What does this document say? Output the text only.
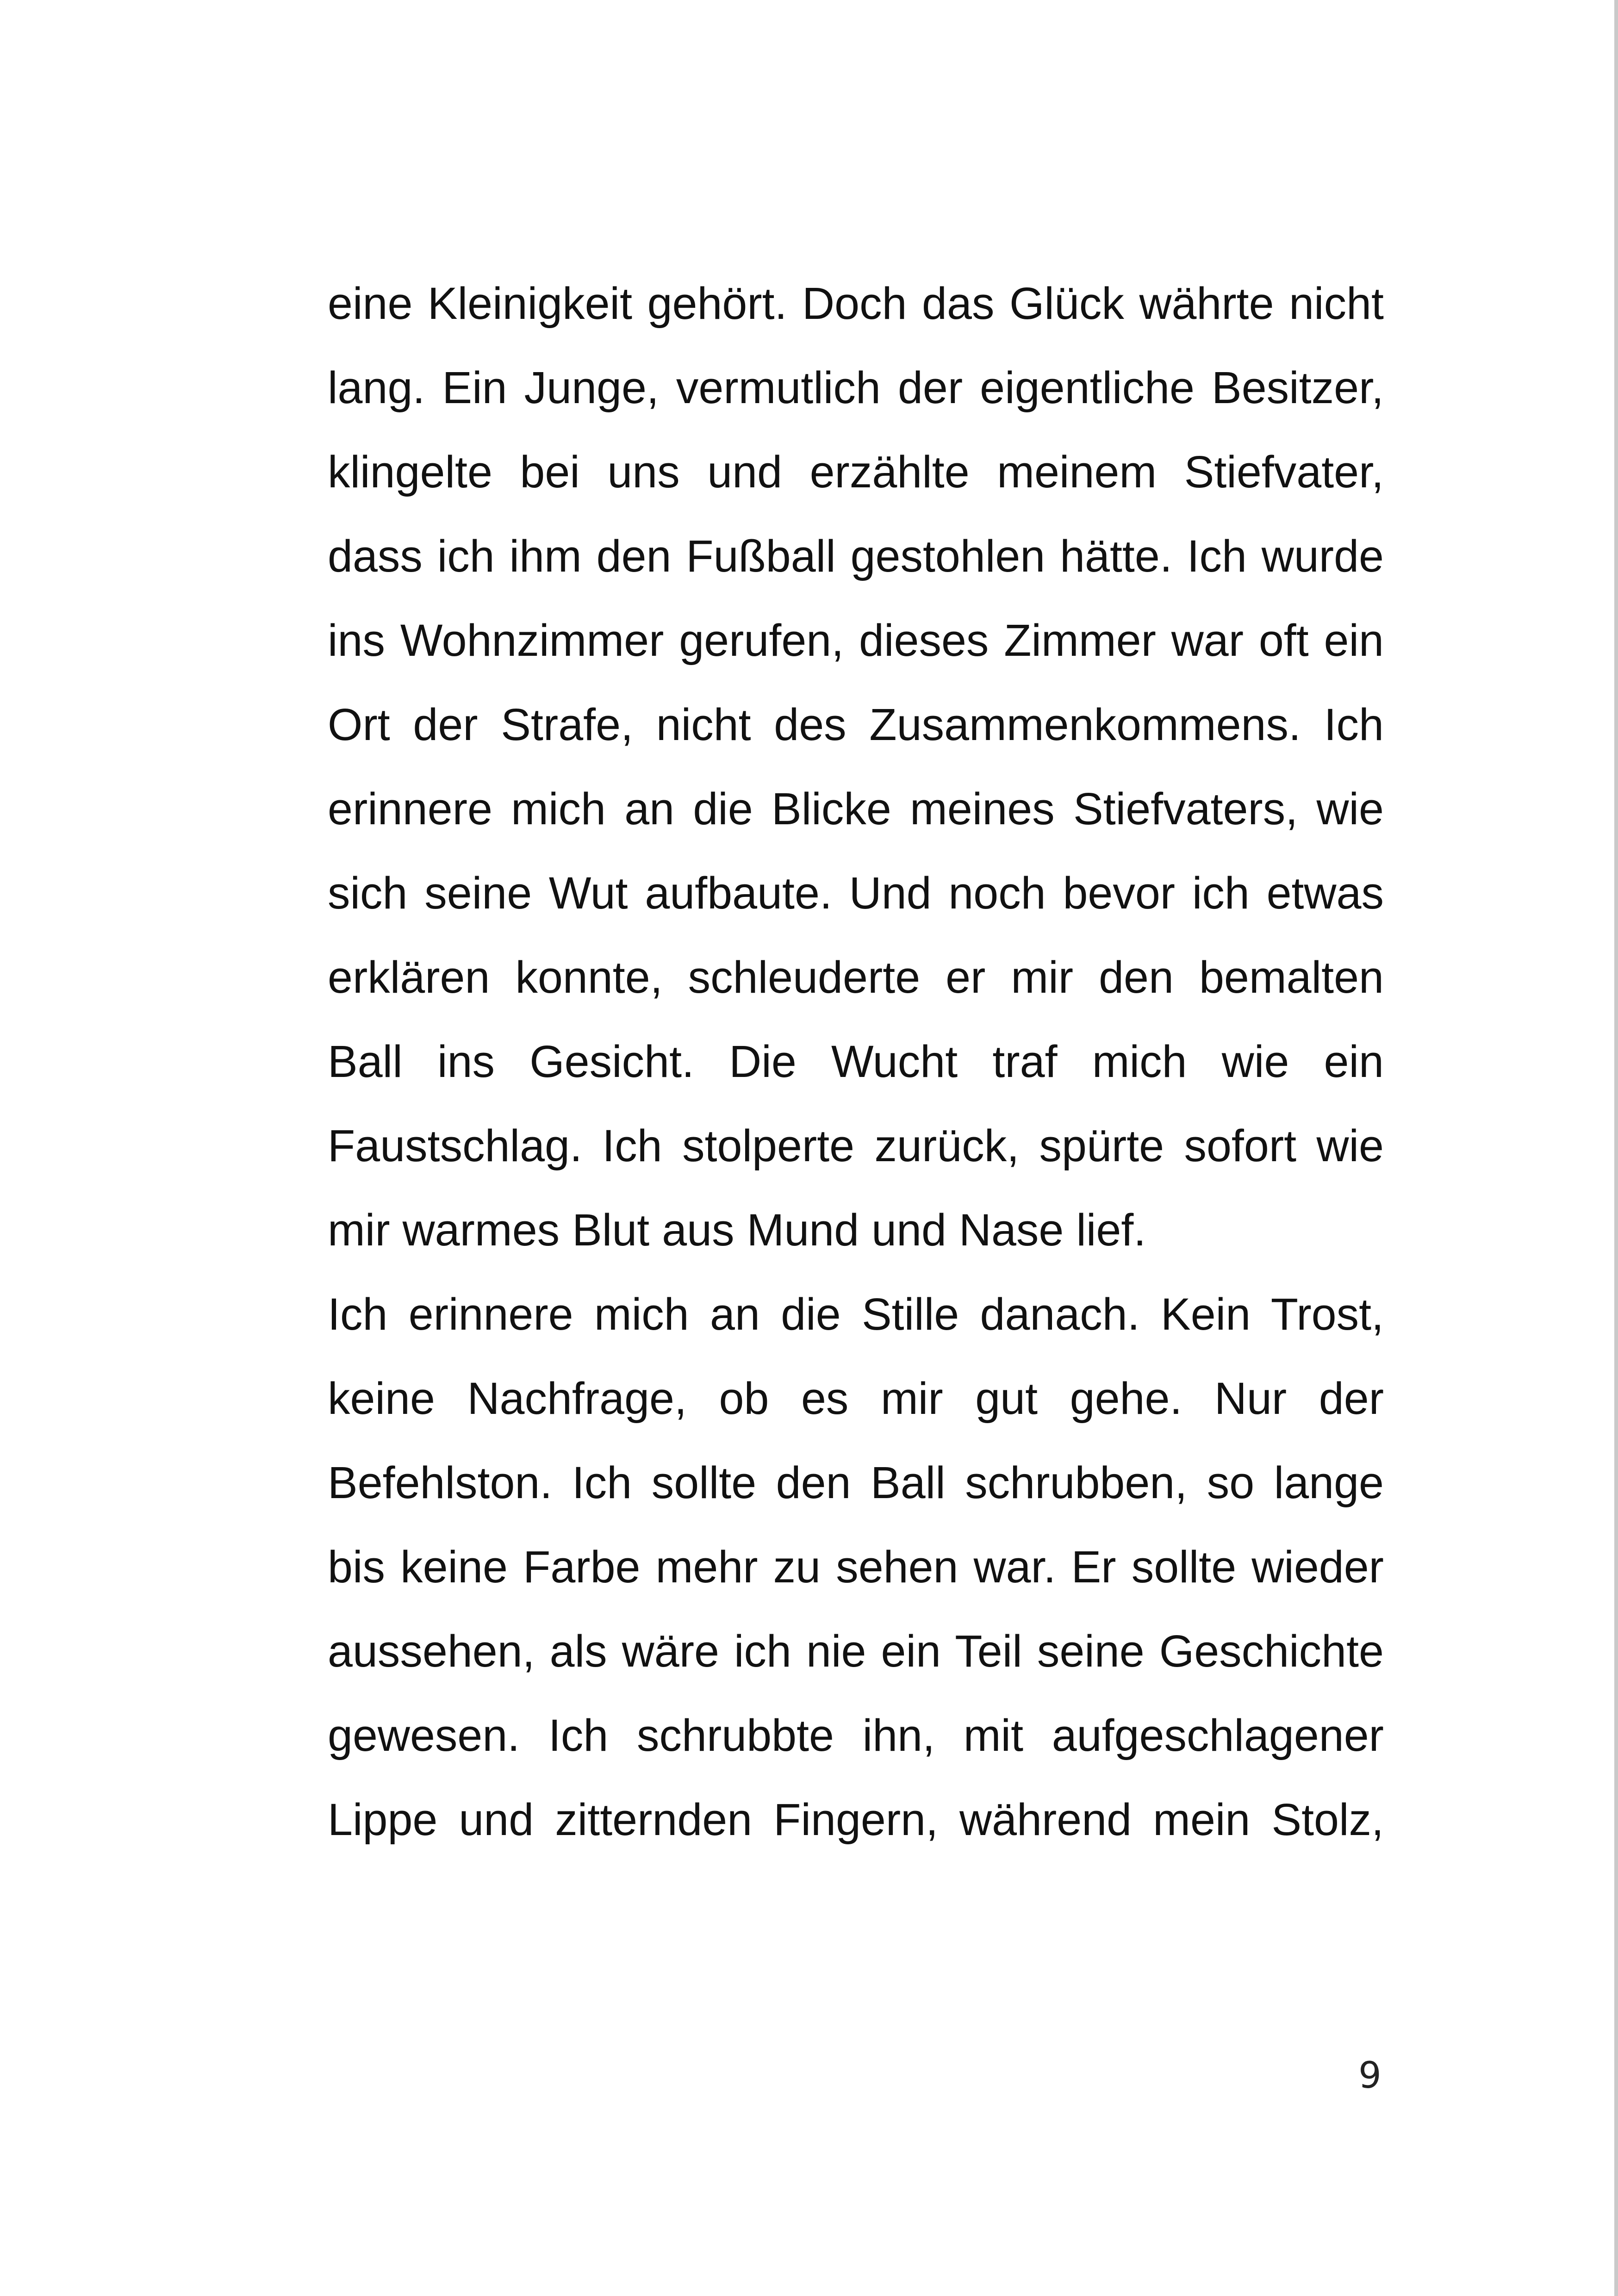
eine Kleinigkeit gehört. Doch das Glück währte nicht
lang. Ein Junge, vermutlich der eigentliche Besitzer,
klingelte bei uns und erzählte meinem Stiefvater,
dass ich ihm den Fußball gestohlen hätte. Ich wurde
ins Wohnzimmer gerufen, dieses Zimmer war oft ein
Ort der Strafe, nicht des Zusammenkommens. Ich
erinnere mich an die Blicke meines Stiefvaters, wie
sich seine Wut aufbaute. Und noch bevor ich etwas
erklären konnte, schleuderte er mir den bemalten
Ball ins Gesicht. Die Wucht traf mich wie ein
Faustschlag. Ich stolperte zurück, spürte sofort wie
mir warmes Blut aus Mund und Nase lief.
Ich erinnere mich an die Stille danach. Kein Trost,
keine Nachfrage, ob es mir gut gehe. Nur der
Befehlston. Ich sollte den Ball schrubben, so lange
bis keine Farbe mehr zu sehen war. Er sollte wieder
aussehen, als wäre ich nie ein Teil seine Geschichte
gewesen. Ich schrubbte ihn, mit aufgeschlagener
Lippe und zitternden Fingern, während mein Stolz,
9
